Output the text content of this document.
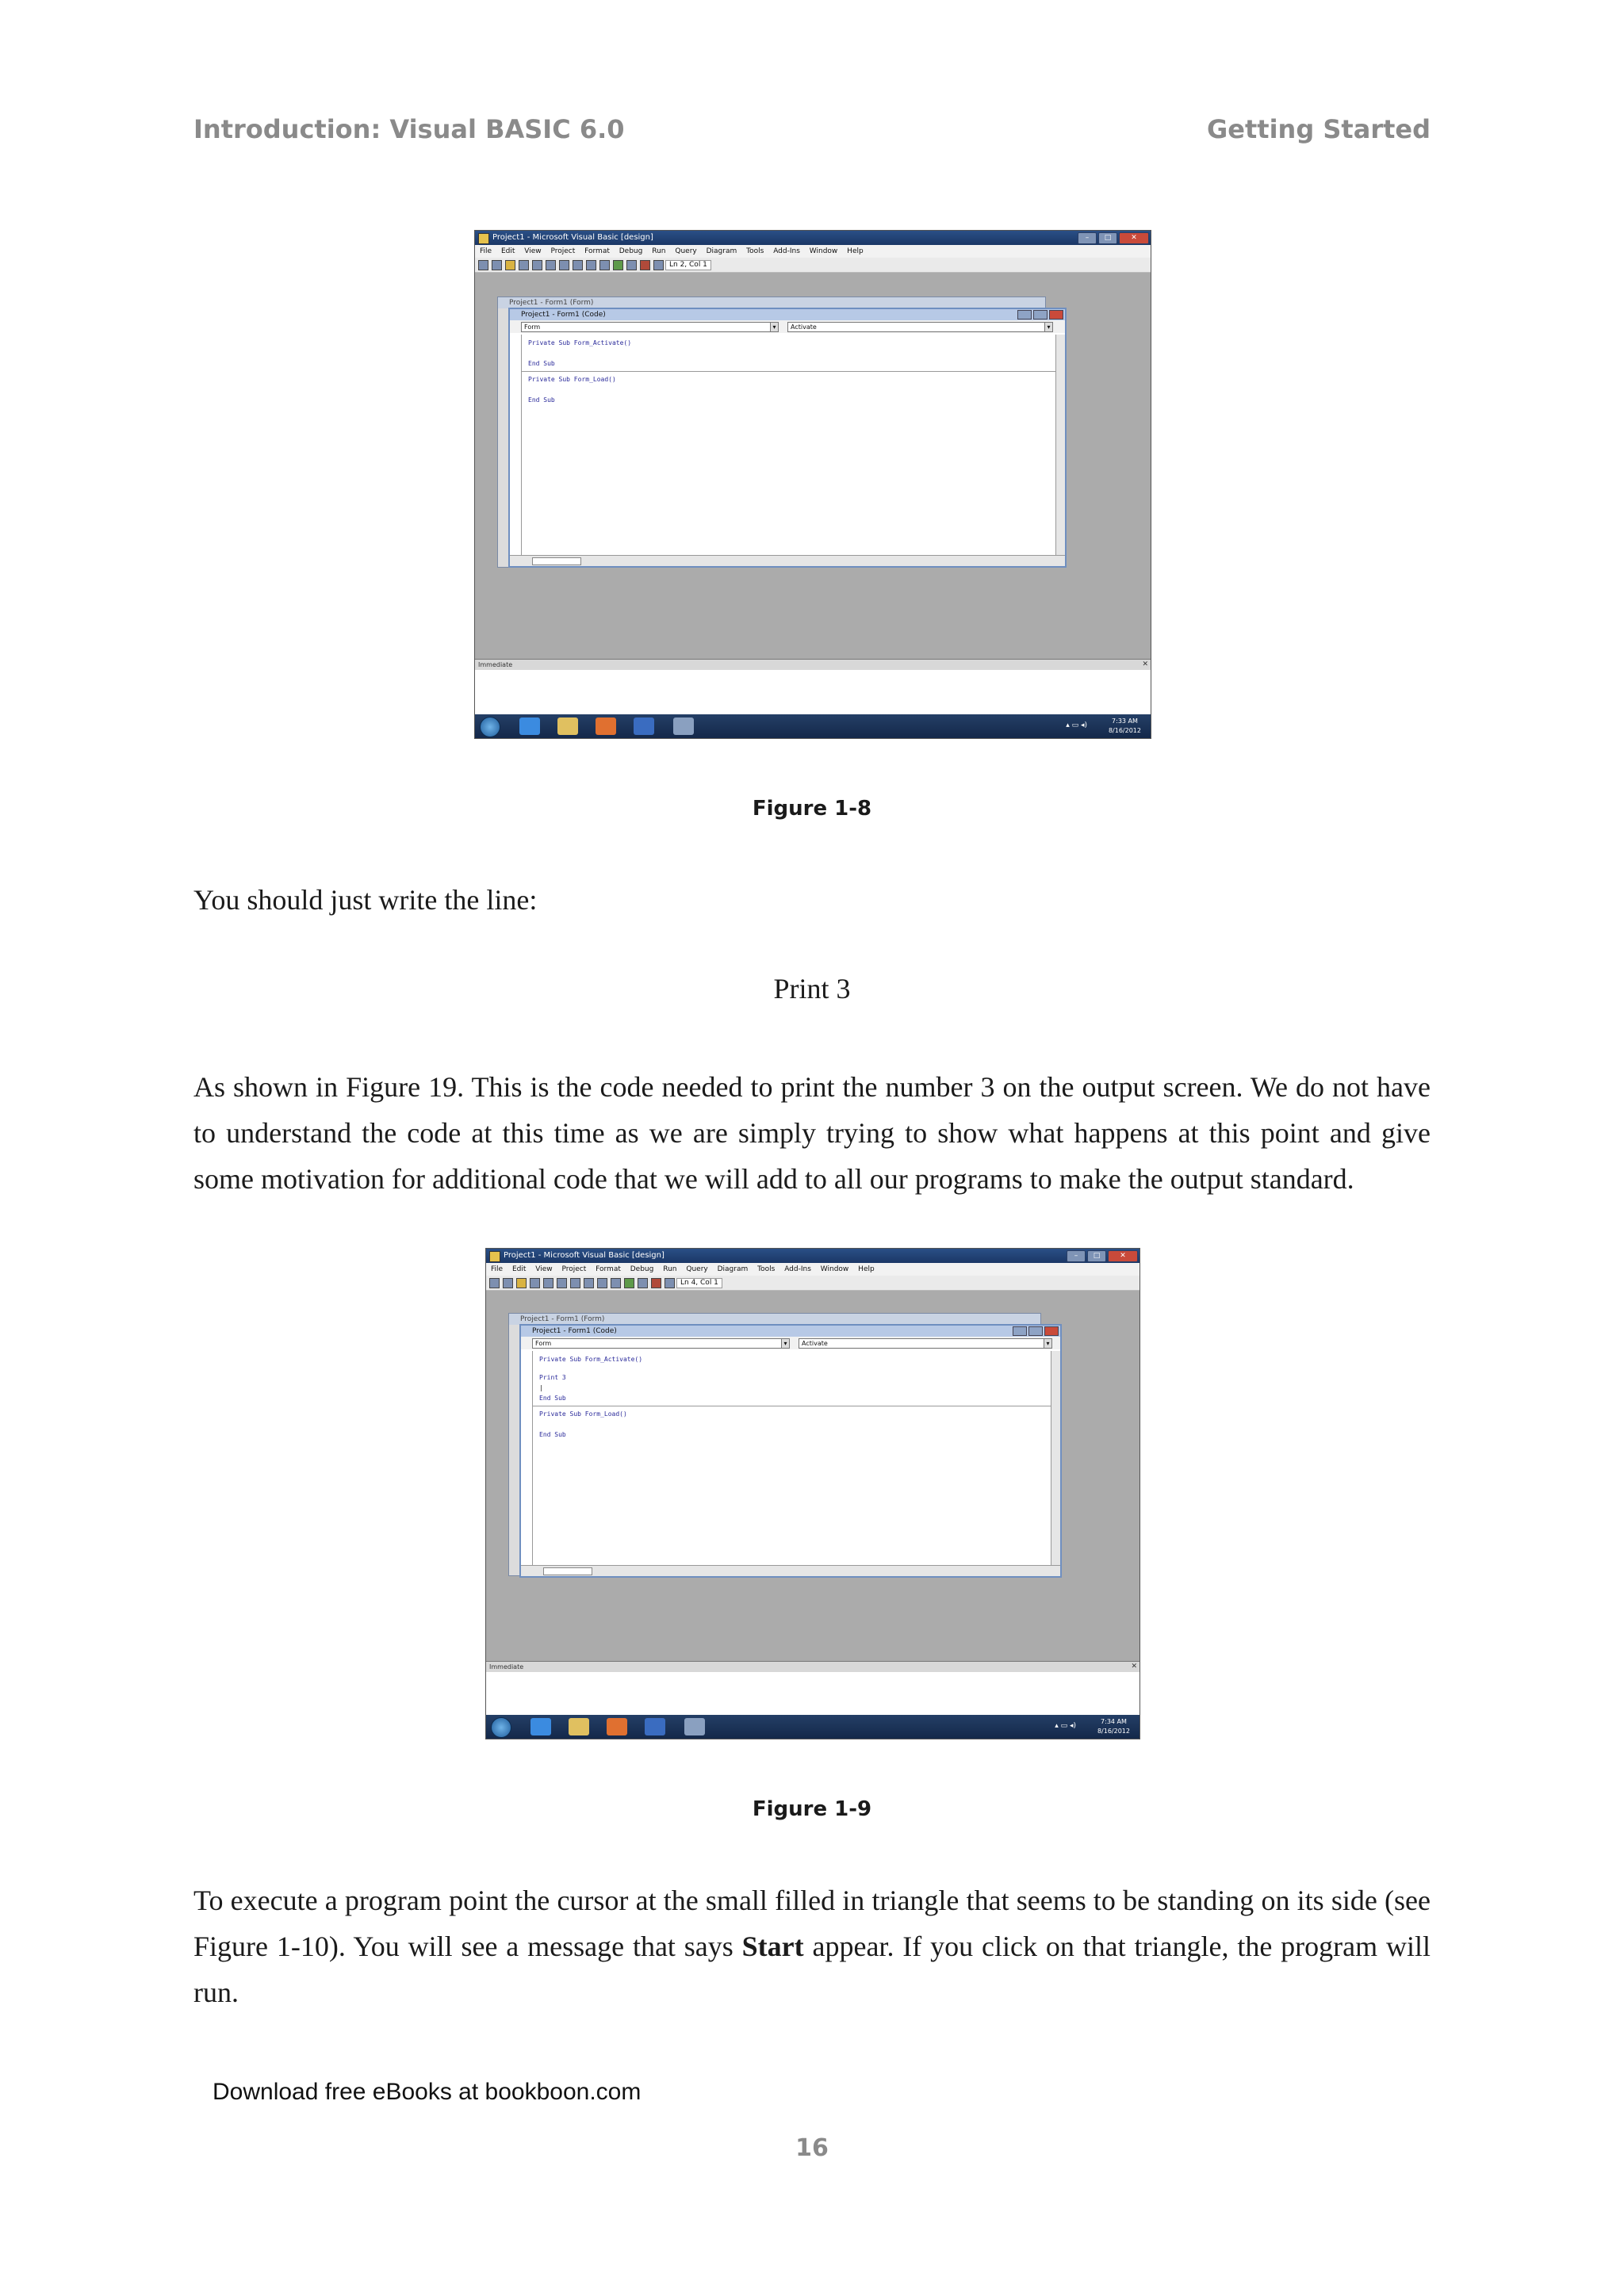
Introduction: Visual BASIC 6.0	Getting Started
Project1 - Microsoft Visual Basic [design]	–	□	✕
File Edit View Project Format Debug Run Query Diagram Tools Add-Ins Window Help
Ln 2, Col 1
Project1 - Form1 (Form)
Project1 - Form1 (Code)
Form ▾	Activate ▾
Private Sub Form_Activate()
End Sub
Private Sub Form_Load()
End Sub
Immediate	✕
▴ ▭ ◂)
7:33 AM
8/16/2012
Figure 1-8
You should just write the line:
Print 3
As shown in Figure 19. This is the code needed to print the number 3 on the output screen. We do not have to understand the code at this time as we are simply trying to show what happens at this point and give some motivation for additional code that we will add to all our programs to make the output standard.
Project1 - Microsoft Visual Basic [design]	–	□	✕
File Edit View Project Format Debug Run Query Diagram Tools Add-Ins Window Help
Ln 4, Col 1
Project1 - Form1 (Form)
Project1 - Form1 (Code)
Form ▾	Activate ▾
Private Sub Form_Activate()
Print 3
|
End Sub
Private Sub Form_Load()
End Sub
Immediate	✕
▴ ▭ ◂)
7:34 AM
8/16/2012
Figure 1-9
To execute a program point the cursor at the small filled in triangle that seems to be standing on its side (see Figure 1-10). You will see a message that says Start appear. If you click on that triangle, the program will run.
Download free eBooks at bookboon.com
16
